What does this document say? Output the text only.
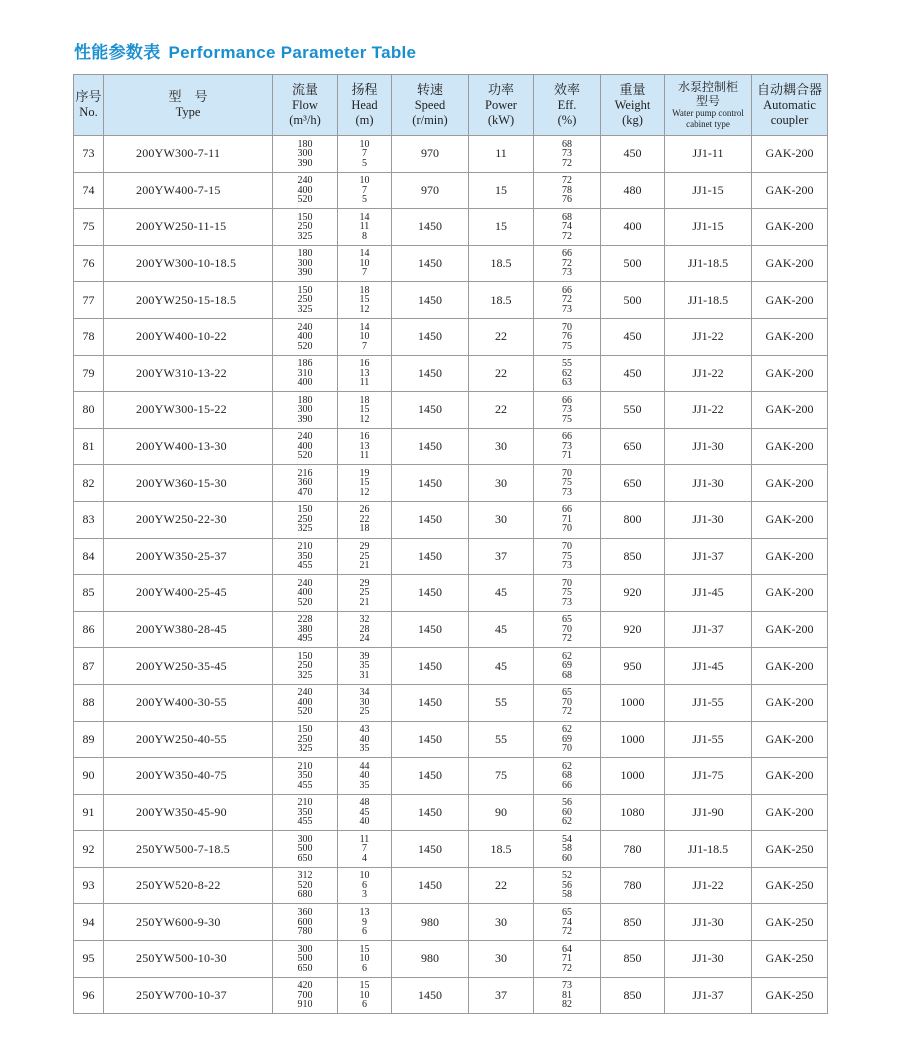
性能参数表 Performance Parameter Table
序号
No.	型　号
Type	流量
Flow
(m³/h)	扬程
Head
(m)	转速
Speed
(r/min)	功率
Power
(kW)	效率
Eff.
(%)	重量
Weight
(kg)	水泵控制柜型号
Water pump control
cabinet type	自动耦合器
Automatic
coupler

73	200YW300-7-11	180
300
390	10
7
5	970	11	68
73
72	450	JJ1-11	GAK-200
74	200YW400-7-15	240
400
520	10
7
5	970	15	72
78
76	480	JJ1-15	GAK-200
75	200YW250-11-15	150
250
325	14
11
8	1450	15	68
74
72	400	JJ1-15	GAK-200
76	200YW300-10-18.5	180
300
390	14
10
7	1450	18.5	66
72
73	500	JJ1-18.5	GAK-200
77	200YW250-15-18.5	150
250
325	18
15
12	1450	18.5	66
72
73	500	JJ1-18.5	GAK-200
78	200YW400-10-22	240
400
520	14
10
7	1450	22	70
76
75	450	JJ1-22	GAK-200
79	200YW310-13-22	186
310
400	16
13
11	1450	22	55
62
63	450	JJ1-22	GAK-200
80	200YW300-15-22	180
300
390	18
15
12	1450	22	66
73
75	550	JJ1-22	GAK-200
81	200YW400-13-30	240
400
520	16
13
11	1450	30	66
73
71	650	JJ1-30	GAK-200
82	200YW360-15-30	216
360
470	19
15
12	1450	30	70
75
73	650	JJ1-30	GAK-200
83	200YW250-22-30	150
250
325	26
22
18	1450	30	66
71
70	800	JJ1-30	GAK-200
84	200YW350-25-37	210
350
455	29
25
21	1450	37	70
75
73	850	JJ1-37	GAK-200
85	200YW400-25-45	240
400
520	29
25
21	1450	45	70
75
73	920	JJ1-45	GAK-200
86	200YW380-28-45	228
380
495	32
28
24	1450	45	65
70
72	920	JJ1-37	GAK-200
87	200YW250-35-45	150
250
325	39
35
31	1450	45	62
69
68	950	JJ1-45	GAK-200
88	200YW400-30-55	240
400
520	34
30
25	1450	55	65
70
72	1000	JJ1-55	GAK-200
89	200YW250-40-55	150
250
325	43
40
35	1450	55	62
69
70	1000	JJ1-55	GAK-200
90	200YW350-40-75	210
350
455	44
40
35	1450	75	62
68
66	1000	JJ1-75	GAK-200
91	200YW350-45-90	210
350
455	48
45
40	1450	90	56
60
62	1080	JJ1-90	GAK-200
92	250YW500-7-18.5	300
500
650	11
7
4	1450	18.5	54
58
60	780	JJ1-18.5	GAK-250
93	250YW520-8-22	312
520
680	10
6
3	1450	22	52
56
58	780	JJ1-22	GAK-250
94	250YW600-9-30	360
600
780	13
9
6	980	30	65
74
72	850	JJ1-30	GAK-250
95	250YW500-10-30	300
500
650	15
10
6	980	30	64
71
72	850	JJ1-30	GAK-250
96	250YW700-10-37	420
700
910	15
10
6	1450	37	73
81
82	850	JJ1-37	GAK-250
